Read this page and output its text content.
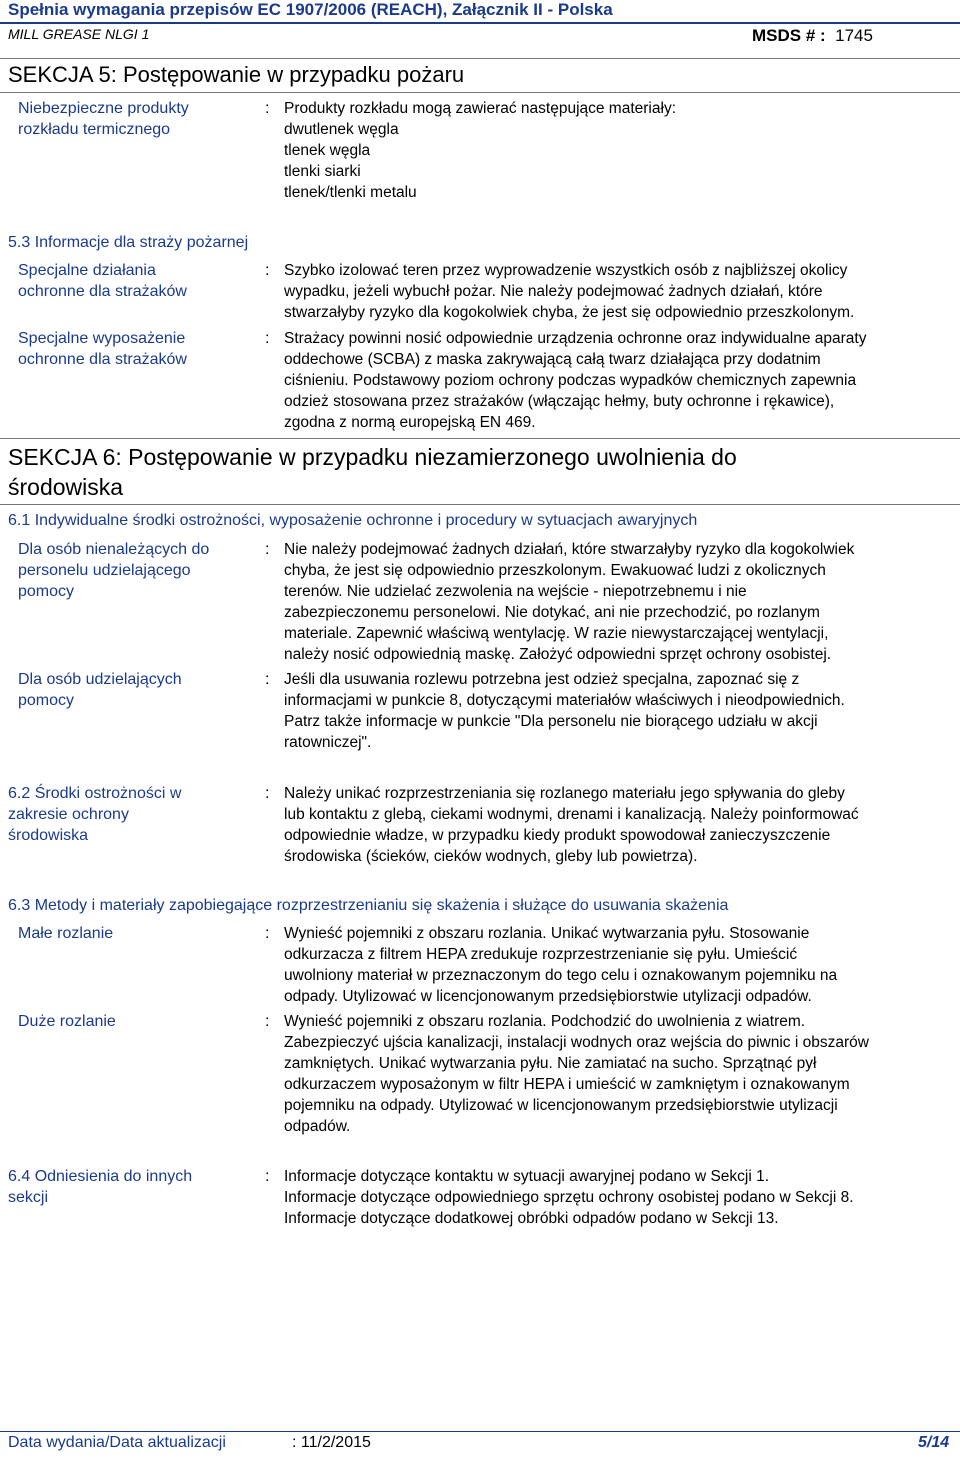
Spełnia wymagania przepisów EC 1907/2006 (REACH), Załącznik II - Polska
MILL GREASE NLGI 1	MSDS # : 1745
SEKCJA 5: Postępowanie w przypadku pożaru
Niebezpieczne produkty
rozkładu termicznego
: Produkty rozkładu mogą zawierać następujące materiały:
dwutlenek węgla
tlenek węgla
tlenki siarki
tlenek/tlenki metalu
5.3 Informacje dla straży pożarnej
Specjalne działania
ochronne dla strażaków
: Szybko izolować teren przez wyprowadzenie wszystkich osób z najbliższej okolicy
wypadku, jeżeli wybuchł pożar. Nie należy podejmować żadnych działań, które
stwarzałyby ryzyko dla kogokolwiek chyba, że jest się odpowiednio przeszkolonym.
Specjalne wyposażenie
ochronne dla strażaków
: Strażacy powinni nosić odpowiednie urządzenia ochronne oraz indywidualne aparaty
oddechowe (SCBA) z maska zakrywającą całą twarz działająca przy dodatnim
ciśnieniu. Podstawowy poziom ochrony podczas wypadków chemicznych zapewnia
odzież stosowana przez strażaków (włączając hełmy, buty ochronne i rękawice),
zgodna z normą europejską EN 469.
SEKCJA 6: Postępowanie w przypadku niezamierzonego uwolnienia do
środowiska
6.1 Indywidualne środki ostrożności, wyposażenie ochronne i procedury w sytuacjach awaryjnych
Dla osób nienależących do
personelu udzielającego
pomocy
: Nie należy podejmować żadnych działań, które stwarzałyby ryzyko dla kogokolwiek
chyba, że jest się odpowiednio przeszkolonym. Ewakuować ludzi z okolicznych
terenów. Nie udzielać zezwolenia na wejście - niepotrzebnemu i nie
zabezpieczonemu personelowi. Nie dotykać, ani nie przechodzić, po rozlanym
materiale. Zapewnić właściwą wentylację. W razie niewystarczającej wentylacji,
należy nosić odpowiednią maskę. Założyć odpowiedni sprzęt ochrony osobistej.
Dla osób udzielających
pomocy
: Jeśli dla usuwania rozlewu potrzebna jest odzież specjalna, zapoznać się z
informacjami w punkcie 8, dotyczącymi materiałów właściwych i nieodpowiednich.
Patrz także informacje w punkcie "Dla personelu nie biorącego udziału w akcji
ratowniczej".
6.2 Środki ostrożności w
zakresie ochrony
środowiska
: Należy unikać rozprzestrzeniania się rozlanego materiału jego spływania do gleby
lub kontaktu z glebą, ciekami wodnymi, drenami i kanalizacją. Należy poinformować
odpowiednie władze, w przypadku kiedy produkt spowodował zanieczyszczenie
środowiska (ścieków, cieków wodnych, gleby lub powietrza).
6.3 Metody i materiały zapobiegające rozprzestrzenianiu się skażenia i służące do usuwania skażenia
Małe rozlanie	: Wynieść pojemniki z obszaru rozlania. Unikać wytwarzania pyłu. Stosowanie
odkurzacza z filtrem HEPA zredukuje rozprzestrzenianie się pyłu. Umieścić
uwolniony materiał w przeznaczonym do tego celu i oznakowanym pojemniku na
odpady. Utylizować w licencjonowanym przedsiębiorstwie utylizacji odpadów.
Duże rozlanie	: Wynieść pojemniki z obszaru rozlania. Podchodzić do uwolnienia z wiatrem.
Zabezpieczyć ujścia kanalizacji, instalacji wodnych oraz wejścia do piwnic i obszarów
zamkniętych. Unikać wytwarzania pyłu. Nie zamiatać na sucho. Sprzątnąć pył
odkurzaczem wyposażonym w filtr HEPA i umieścić w zamkniętym i oznakowanym
pojemniku na odpady. Utylizować w licencjonowanym przedsiębiorstwie utylizacji
odpadów.
6.4 Odniesienia do innych
sekcji
: Informacje dotyczące kontaktu w sytuacji awaryjnej podano w Sekcji 1.
Informacje dotyczące odpowiedniego sprzętu ochrony osobistej podano w Sekcji 8.
Informacje dotyczące dodatkowej obróbki odpadów podano w Sekcji 13.
Data wydania/Data aktualizacji	: 11/2/2015	5/14
